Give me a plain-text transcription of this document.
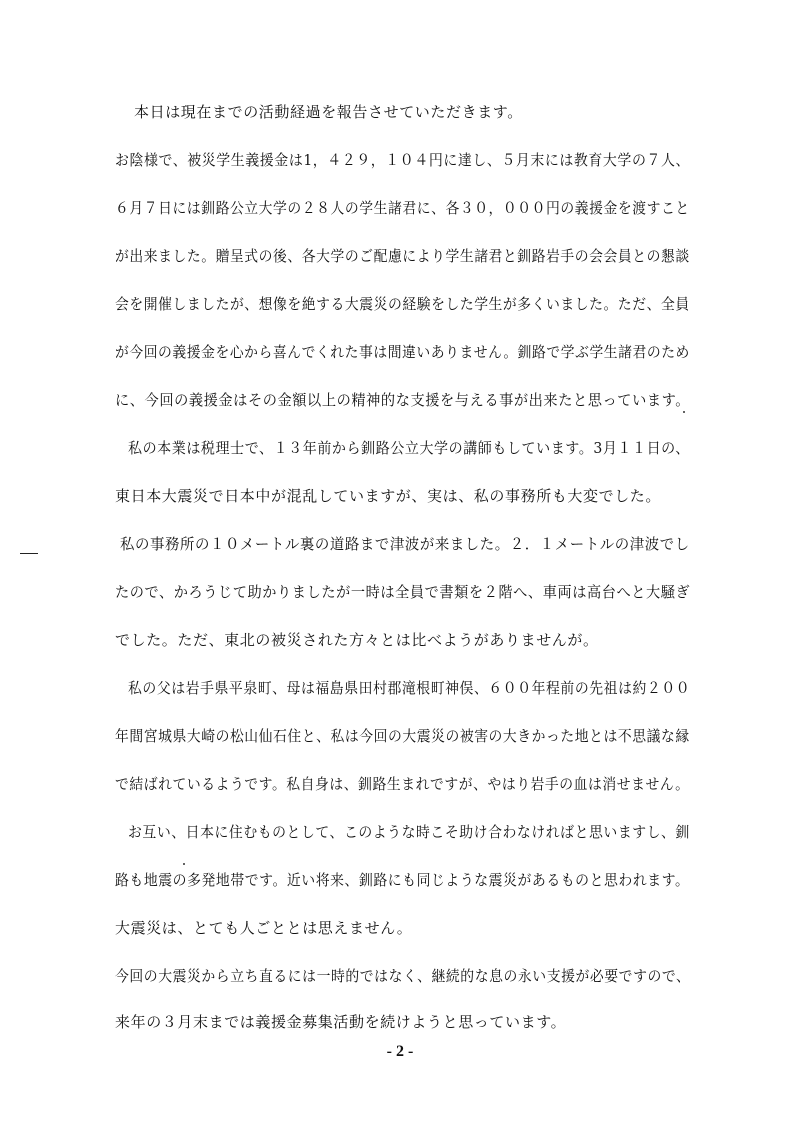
本日は現在までの活動経過を報告させていただきます。
お陰様で、被災学生義援金は1，４２９，１０４円に達し、５月末には教育大学の７人、
６月７日には釧路公立大学の２８人の学生諸君に、各３０，０００円の義援金を渡すこと
が出来ました。贈呈式の後、各大学のご配慮により学生諸君と釧路岩手の会会員との懇談
会を開催しましたが、想像を絶する大震災の経験をした学生が多くいました。ただ、全員
が今回の義援金を心から喜んでくれた事は間違いありません。釧路で学ぶ学生諸君のため
に、今回の義援金はその金額以上の精神的な支援を与える事が出来たと思っています。
私の本業は税理士で、１３年前から釧路公立大学の講師もしています。3月１１日の、
東日本大震災で日本中が混乱していますが、実は、私の事務所も大変でした。
私の事務所の１０メートル裏の道路まで津波が来ました。２．１メートルの津波でし
たので、かろうじて助かりましたが一時は全員で書類を２階へ、車両は高台へと大騒ぎ
でした。ただ、東北の被災された方々とは比べようがありませんが。
私の父は岩手県平泉町、母は福島県田村郡滝根町神俣、６００年程前の先祖は約２００
年間宮城県大崎の松山仙石住と、私は今回の大震災の被害の大きかった地とは不思議な縁
で結ばれているようです。私自身は、釧路生まれですが、やはり岩手の血は消せません。
お互い、日本に住むものとして、このような時こそ助け合わなければと思いますし、釧
路も地震の多発地帯です。近い将来、釧路にも同じような震災があるものと思われます。
大震災は、とても人ごととは思えません。
今回の大震災から立ち直るには一時的ではなく、継続的な息の永い支援が必要ですので、
来年の３月末までは義援金募集活動を続けようと思っています。
- 2 -
